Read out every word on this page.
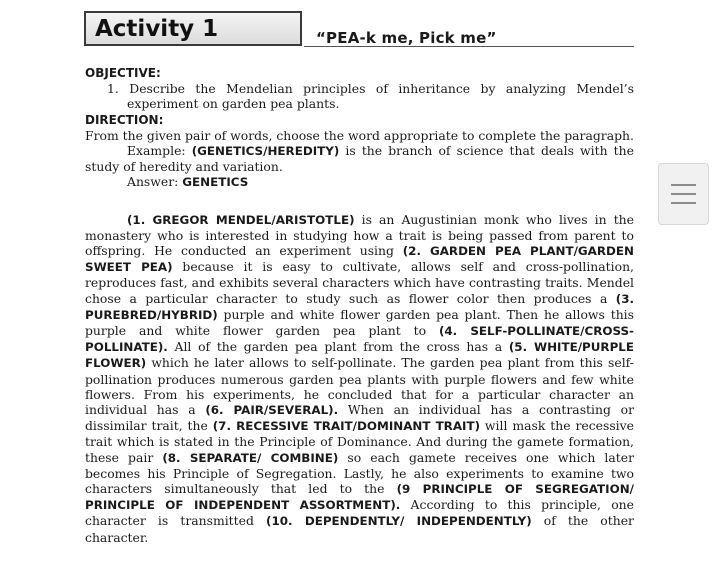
Activity 1	“PEA-k me, Pick me”

OBJECTIVE:

1. Describe the Mendelian principles of inheritance by analyzing Mendel’s experiment on garden pea plants.

DIRECTION:

From the given pair of words, choose the word appropriate to complete the paragraph.

Example: (GENETICS/HEREDITY) is the branch of science that deals with the study of heredity and variation.

Answer: GENETICS

(1. GREGOR MENDEL/ARISTOTLE) is an Augustinian monk who lives in the monastery who is interested in studying how a trait is being passed from parent to offspring. He conducted an experiment using (2. GARDEN PEA PLANT/GARDEN SWEET PEA) because it is easy to cultivate, allows self and cross-pollination, reproduces fast, and exhibits several characters which have contrasting traits. Mendel chose a particular character to study such as flower color then produces a (3. PUREBRED/HYBRID) purple and white flower garden pea plant. Then he allows this purple and white flower garden pea plant to (4. SELF-POLLINATE/CROSS-POLLINATE). All of the garden pea plant from the cross has a (5. WHITE/PURPLE FLOWER) which he later allows to self-pollinate. The garden pea plant from this self-pollination produces numerous garden pea plants with purple flowers and few white flowers. From his experiments, he concluded that for a particular character an individual has a (6. PAIR/SEVERAL). When an individual has a contrasting or dissimilar trait, the (7. RECESSIVE TRAIT/DOMINANT TRAIT) will mask the recessive trait which is stated in the Principle of Dominance. And during the gamete formation, these pair (8. SEPARATE/ COMBINE) so each gamete receives one which later becomes his Principle of Segregation. Lastly, he also experiments to examine two characters simultaneously that led to the (9 PRINCIPLE OF SEGREGATION/ PRINCIPLE OF INDEPENDENT ASSORTMENT). According to this principle, one character is transmitted (10. DEPENDENTLY/ INDEPENDENTLY) of the other character.
